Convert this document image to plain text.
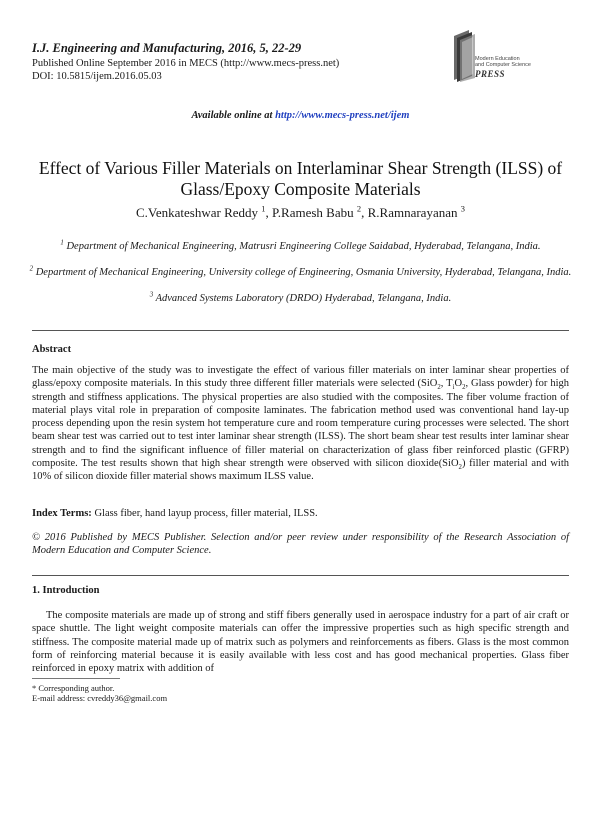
I.J. Engineering and Manufacturing, 2016, 5, 22-29
Published Online September 2016 in MECS (http://www.mecs-press.net)
DOI: 10.5815/ijem.2016.05.03
Modern Education
and Computer Science
PRESS
Available online at http://www.mecs-press.net/ijem
Effect of Various Filler Materials on Interlaminar Shear Strength (ILSS) of Glass/Epoxy Composite Materials
C.Venkateshwar Reddy $^1$, P.Ramesh Babu $^2$, R.Ramnarayanan $^3$
$^1$ Department of Mechanical Engineering, Matrusri Engineering College Saidabad, Hyderabad, Telangana, India.
$^2$ Department of Mechanical Engineering, University college of Engineering, Osmania University, Hyderabad, Telangana, India.
$^3$ Advanced Systems Laboratory (DRDO) Hyderabad, Telangana, India.
Abstract
The main objective of the study was to investigate the effect of various filler materials on inter laminar shear properties of glass/epoxy composite materials. In this study three different filler materials were selected (SiO$_2$, $T_iO_2$, Glass powder) for high strength and stiffness applications. The physical properties are also studied with the composites. The fiber volume fraction of material plays vital role in preparation of composite laminates. The fabrication method used was conventional hand lay-up process depending upon the resin system hot temperature cure and room temperature curing processes were selected. The short beam shear test was carried out to test inter laminar shear strength (ILSS). The short beam shear test results inter laminar shear strength and to find the significant influence of filler material on characterization of glass fiber reinforced plastic (GFRP) composite. The test results shown that high shear strength were observed with silicon dioxide(SiO$_2$) filler material and with 10% of silicon dioxide filler material shows maximum ILSS value.
Index Terms: Glass fiber, hand layup process, filler material, ILSS.
© 2016 Published by MECS Publisher. Selection and/or peer review under responsibility of the Research Association of Modern Education and Computer Science.
1. Introduction
The composite materials are made up of strong and stiff fibers generally used in aerospace industry for a part of air craft or space shuttle. The light weight composite materials can offer the impressive properties such as high specific strength and stiffness. The composite material made up of matrix such as polymers and reinforcements as fibers. Glass is the most common form of reinforcing material because it is easily available with less cost and has good mechanical properties. Glass fiber reinforced in epoxy matrix with addition of
* Corresponding author.
E-mail address: cvreddy36@gmail.com
